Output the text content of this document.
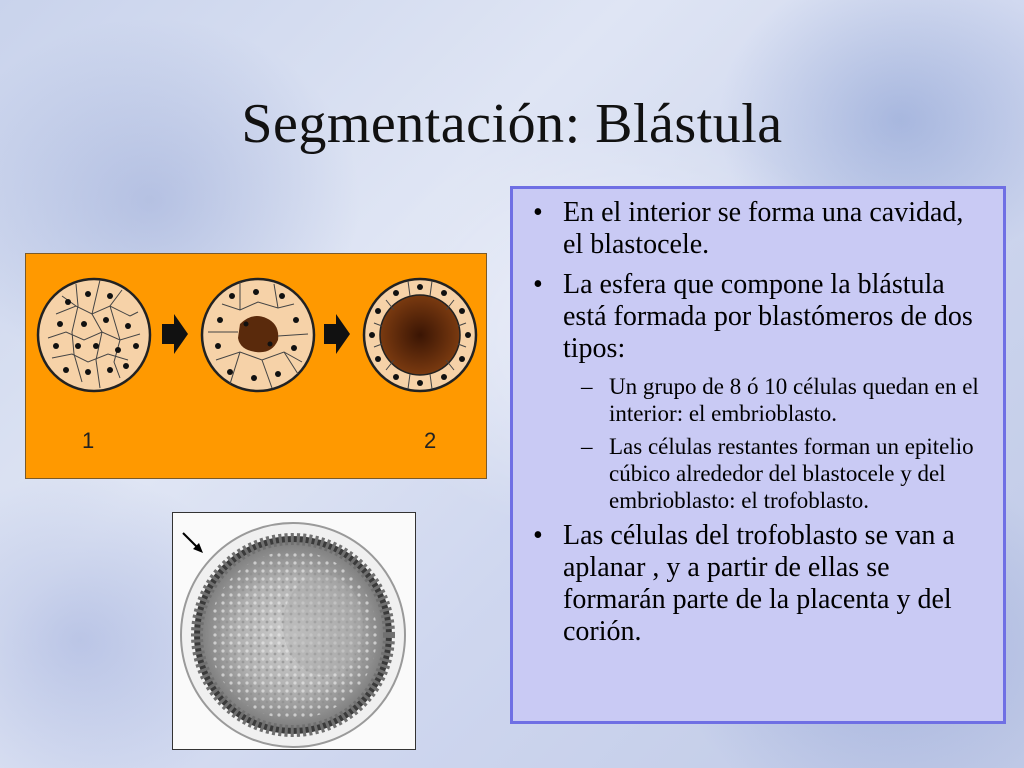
Segmentación: Blástula
1	2
• En el interior se forma una cavidad, el blastocele.
• La esfera que compone la blástula está formada por blastómeros de dos tipos:
– Un grupo de 8 ó 10 células quedan en el interior: el embrioblasto.
– Las células restantes forman un epitelio cúbico alrededor del blastocele y del embrioblasto: el trofoblasto.
• Las células del trofoblasto se van a aplanar , y a partir de ellas se formarán parte de la placenta y del corión.
